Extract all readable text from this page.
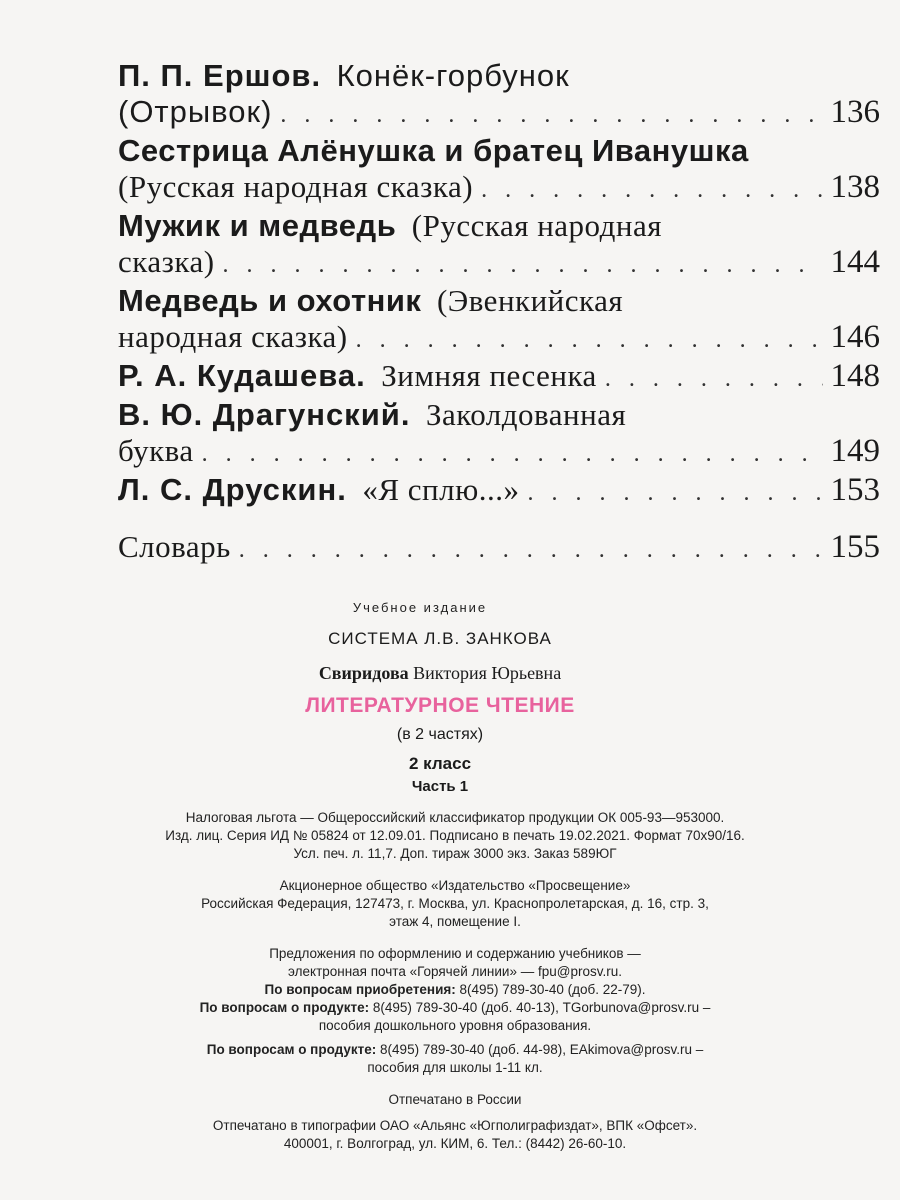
П. П. Ершов.
Конёк-горбунок
(Отрывок) . . .	136
Сестрица Алёнушка и братец Иванушка
(Русская народная сказка) . . .	138
Мужик и медведь
(Русская народная
сказка) . . .	144
Медведь и охотник
(Эвенкийская
народная сказка) . . .	146
Р. А. Кудашева.
Зимняя песенка . . .	148
В. Ю. Драгунский.
Заколдованная
буква . . .	149
Л. С. Друскин.
«Я сплю...» . . .	153
Словарь . . .	155
Учебное издание
СИСТЕМА Л.В. ЗАНКОВА
Свиридова Виктория Юрьевна
ЛИТЕРАТУРНОЕ ЧТЕНИЕ
(в 2 частях)
2 класс
Часть 1
Налоговая льгота — Общероссийский классификатор продукции ОК 005-93—953000.
Изд. лиц. Серия ИД № 05824 от 12.09.01. Подписано в печать 19.02.2021. Формат 70x90/16.
Усл. печ. л. 11,7. Доп. тираж 3000 экз. Заказ 589ЮГ
Акционерное общество «Издательство «Просвещение»
Российская Федерация, 127473, г. Москва, ул. Краснопролетарская, д. 16, стр. 3,
этаж 4, помещение I.
Предложения по оформлению и содержанию учебников —
электронная почта «Горячей линии» — fpu@prosv.ru.
По вопросам приобретения: 8(495) 789-30-40 (доб. 22-79).
По вопросам о продукте: 8(495) 789-30-40 (доб. 40-13), TGorbunova@prosv.ru –
пособия дошкольного уровня образования.
По вопросам о продукте: 8(495) 789-30-40 (доб. 44-98), EAkimova@prosv.ru –
пособия для школы 1-11 кл.
Отпечатано в России
Отпечатано в типографии ОАО «Альянс «Югполиграфиздат», ВПК «Офсет».
400001, г. Волгоград, ул. КИМ, 6. Тел.: (8442) 26-60-10.
